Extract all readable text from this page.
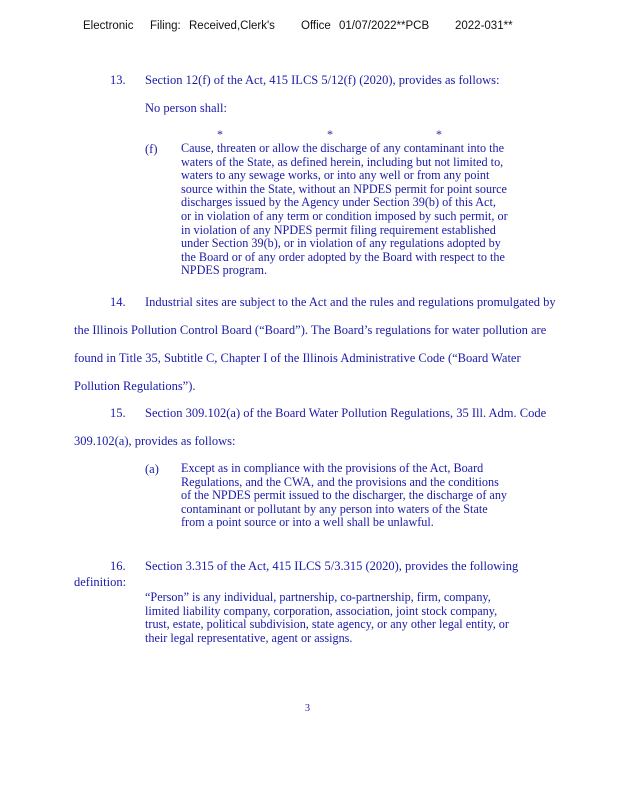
Electronic Filing: Received,Clerk's Office 01/07/2022**PCB 2022-031**
13. Section 12(f) of the Act, 415 ILCS 5/12(f) (2020), provides as follows:
No person shall:
*	*	*
(f) Cause, threaten or allow the discharge of any contaminant into the
waters of the State, as defined herein, including but not limited to,
waters to any sewage works, or into any well or from any point
source within the State, without an NPDES permit for point source
discharges issued by the Agency under Section 39(b) of this Act,
or in violation of any term or condition imposed by such permit, or
in violation of any NPDES permit filing requirement established
under Section 39(b), or in violation of any regulations adopted by
the Board or of any order adopted by the Board with respect to the
NPDES program.
14. Industrial sites are subject to the Act and the rules and regulations promulgated by
the Illinois Pollution Control Board (“Board”). The Board’s regulations for water pollution are
found in Title 35, Subtitle C, Chapter I of the Illinois Administrative Code (“Board Water
Pollution Regulations”).
15. Section 309.102(a) of the Board Water Pollution Regulations, 35 Ill. Adm. Code
309.102(a), provides as follows:
(a) Except as in compliance with the provisions of the Act, Board
Regulations, and the CWA, and the provisions and the conditions
of the NPDES permit issued to the discharger, the discharge of any
contaminant or pollutant by any person into waters of the State
from a point source or into a well shall be unlawful.
16. Section 3.315 of the Act, 415 ILCS 5/3.315 (2020), provides the following
definition:
“Person” is any individual, partnership, co-partnership, firm, company,
limited liability company, corporation, association, joint stock company,
trust, estate, political subdivision, state agency, or any other legal entity, or
their legal representative, agent or assigns.
3
